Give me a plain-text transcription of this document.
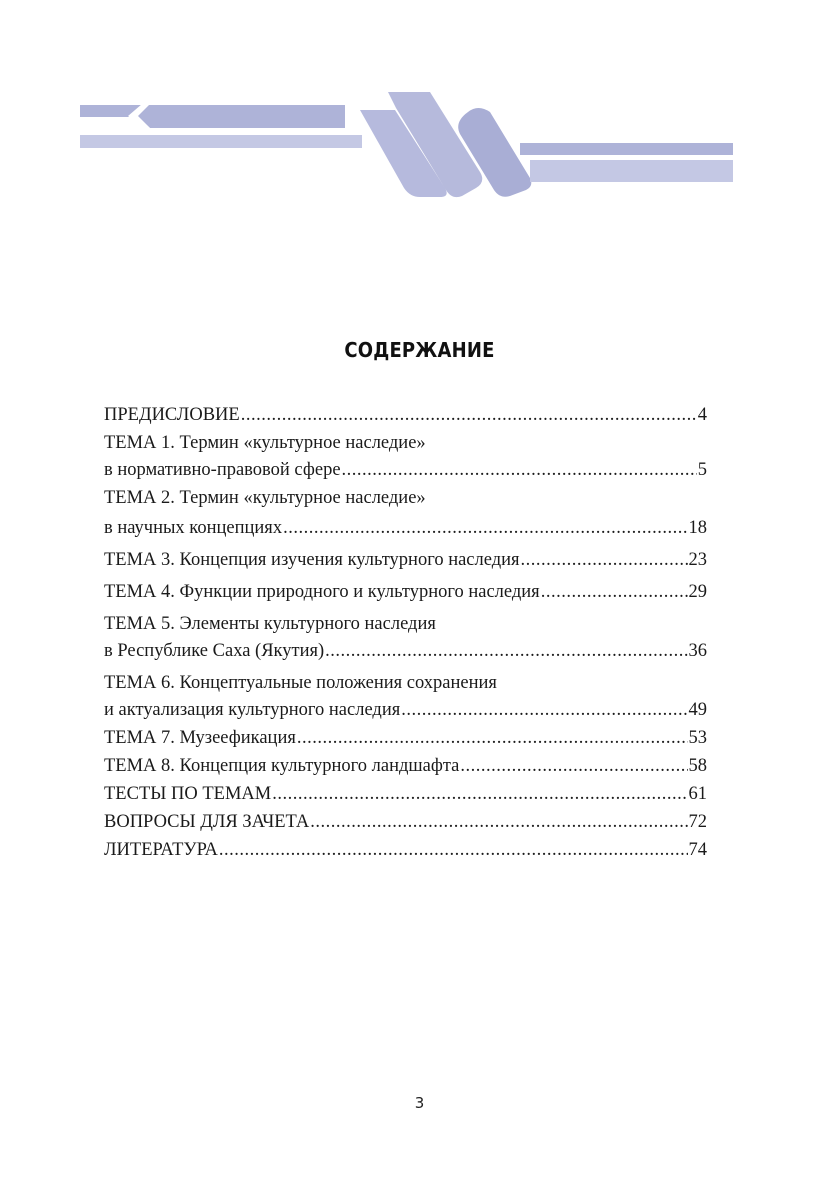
СОДЕРЖАНИЕ
ПРЕДИСЛОВИЕ .....	4
ТЕМА 1. Термин «культурное наследие»
в нормативно-правовой сфере .....	5
ТЕМА 2. Термин «культурное наследие»
в научных концепциях .....	18
ТЕМА 3. Концепция изучения культурного наследия .....	23
ТЕМА 4. Функции природного и культурного наследия .....	29
ТЕМА 5. Элементы культурного наследия
в Республике Саха (Якутия) .....	36
ТЕМА 6. Концептуальные положения сохранения
и актуализация культурного наследия .....	49
ТЕМА 7. Музеефикация .....	53
ТЕМА 8. Концепция культурного ландшафта .....	58
ТЕСТЫ ПО ТЕМАМ .....	61
ВОПРОСЫ ДЛЯ ЗАЧЕТА .....	72
ЛИТЕРАТУРА .....	74
3
